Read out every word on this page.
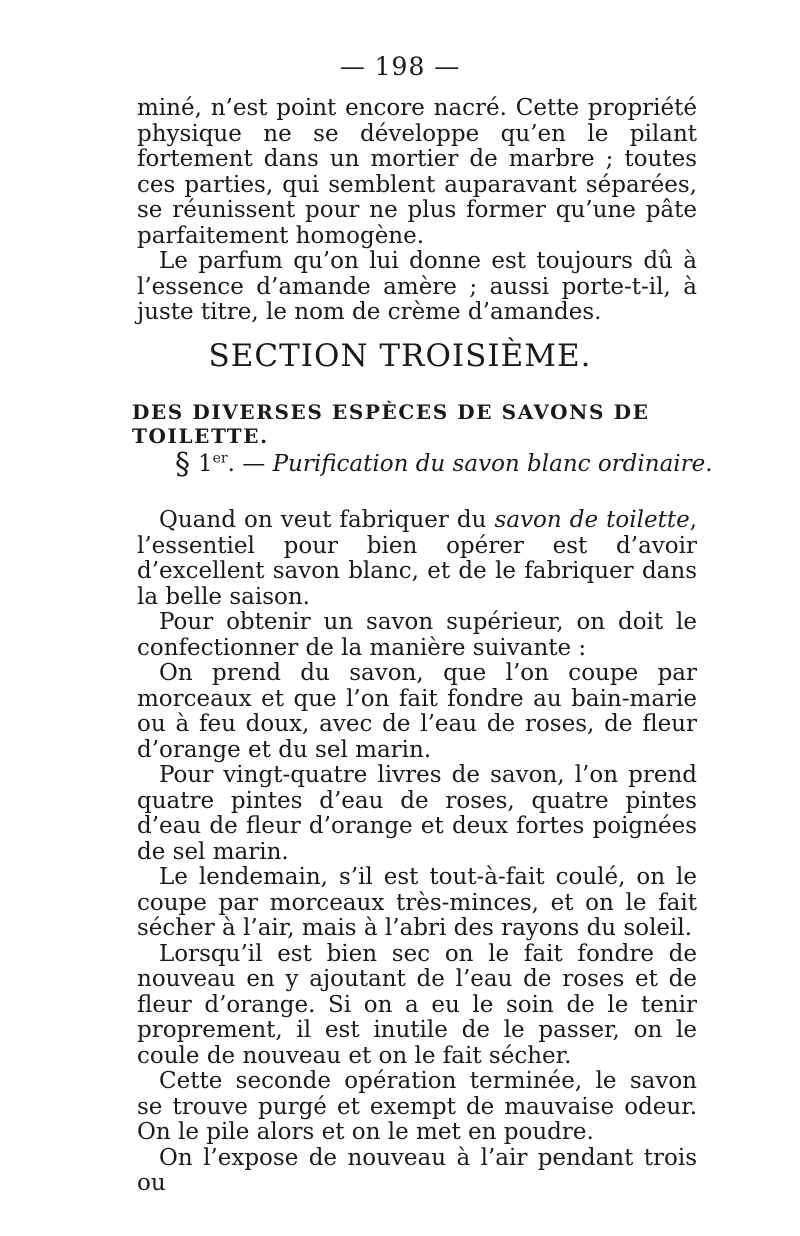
— 198 —

miné, n’est point encore nacré. Cette propriété physique ne se développe qu’en le pilant fortement dans un mortier de marbre ; toutes ces parties, qui semblent auparavant séparées, se réunissent pour ne plus former qu’une pâte parfaitement homogène.

Le parfum qu’on lui donne est toujours dû à l’essence d’amande amère ; aussi porte-t-il, à juste titre, le nom de crème d’amandes.

SECTION TROISIÈME.
DES DIVERSES ESPÈCES DE SAVONS DE TOILETTE.
§ 1er. — Purification du savon blanc ordinaire.

Quand on veut fabriquer du savon de toilette, l’essentiel pour bien opérer est d’avoir d’excellent savon blanc, et de le fabriquer dans la belle saison.

Pour obtenir un savon supérieur, on doit le confectionner de la manière suivante :

On prend du savon, que l’on coupe par morceaux et que l’on fait fondre au bain-marie ou à feu doux, avec de l’eau de roses, de fleur d’orange et du sel marin.

Pour vingt-quatre livres de savon, l’on prend quatre pintes d’eau de roses, quatre pintes d’eau de fleur d’orange et deux fortes poignées de sel marin.

Le lendemain, s’il est tout-à-fait coulé, on le coupe par morceaux très-minces, et on le fait sécher à l’air, mais à l’abri des rayons du soleil.

Lorsqu’il est bien sec on le fait fondre de nouveau en y ajoutant de l’eau de roses et de fleur d’orange. Si on a eu le soin de le tenir proprement, il est inutile de le passer, on le coule de nouveau et on le fait sécher.

Cette seconde opération terminée, le savon se trouve purgé et exempt de mauvaise odeur. On le pile alors et on le met en poudre.

On l’expose de nouveau à l’air pendant trois ou
